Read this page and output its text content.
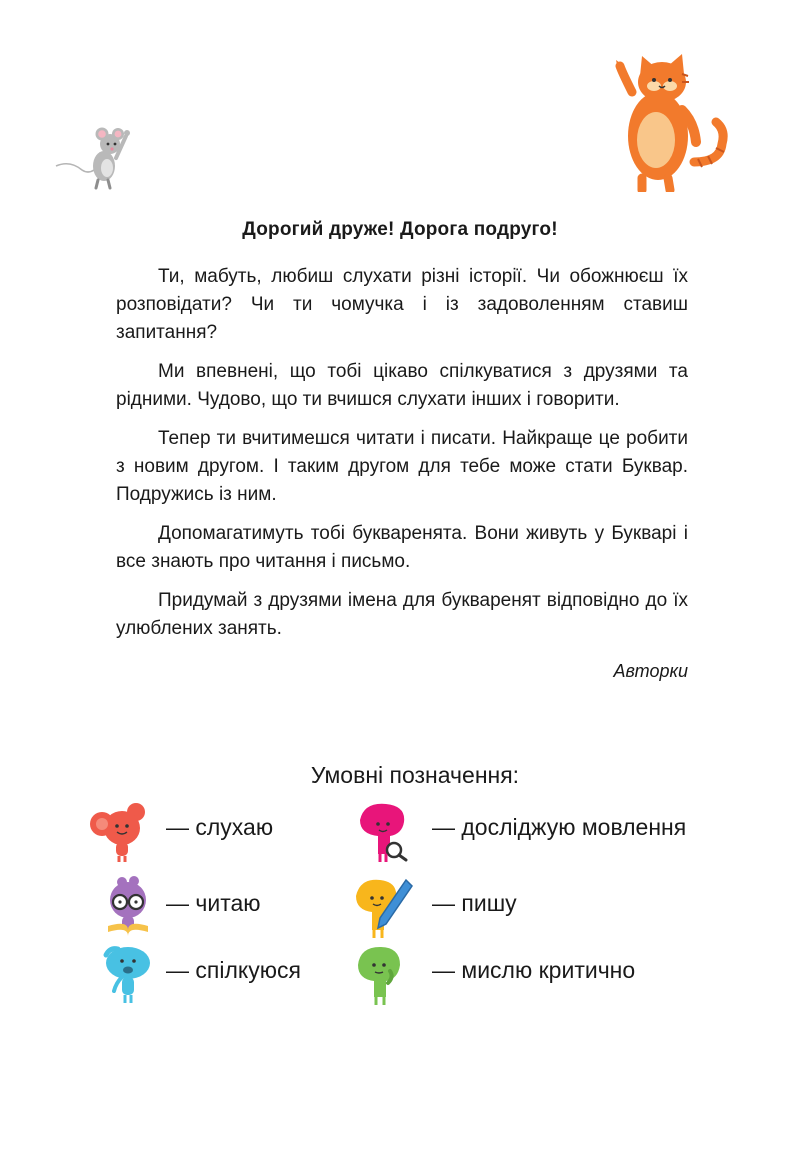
Дорогий друже! Дорога подруго!

Ти, мабуть, любиш слухати різні історії. Чи обожнюєш їх розповідати? Чи ти чомучка і із задоволенням ставиш запитання?

Ми впевнені, що тобі цікаво спілкуватися з друзями та рідними. Чудово, що ти вчишся слухати інших і говорити.

Тепер ти вчитимешся читати і писати. Найкраще це робити з новим другом. І таким другом для тебе може стати Буквар. Подружись із ним.

Допомагатимуть тобі букваренята. Вони живуть у Букварі і все знають про читання і письмо.

Придумай з друзями імена для букваренят відповідно до їх улюблених занять.

Авторки
Умовні позначення:
— слухаю	— досліджую мовлення
— читаю	— пишу
— спілкуюся	— мислю критично
